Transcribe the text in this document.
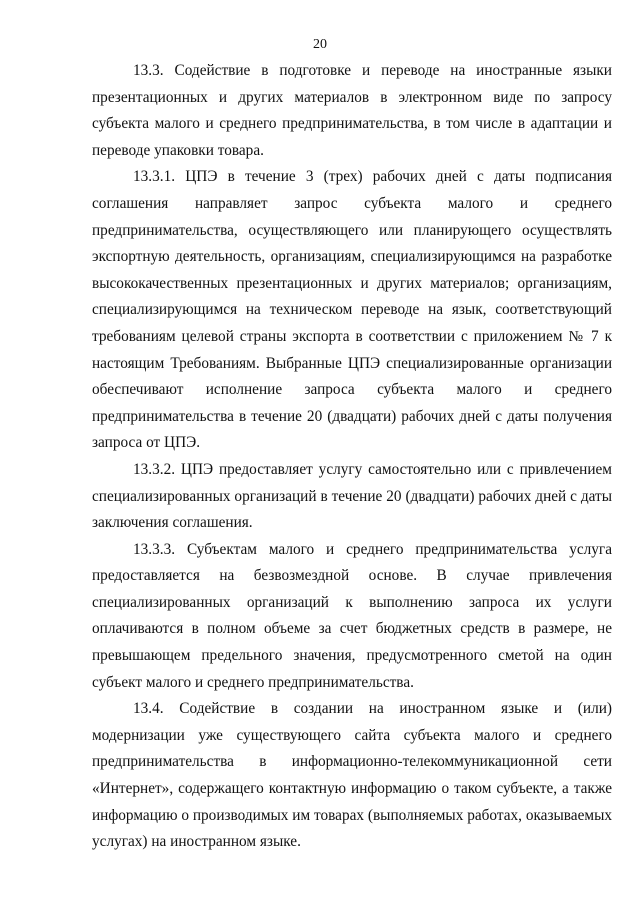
20

13.3. Содействие в подготовке и переводе на иностранные языки презентационных и других материалов в электронном виде по запросу субъекта малого и среднего предпринимательства, в том числе в адаптации и переводе упаковки товара.

13.3.1. ЦПЭ в течение 3 (трех) рабочих дней с даты подписания соглашения направляет запрос субъекта малого и среднего предпринимательства, осуществляющего или планирующего осуществлять экспортную деятельность, организациям, специализирующимся на разработке высококачественных презентационных и других материалов; организациям, специализирующимся на техническом переводе на язык, соответствующий требованиям целевой страны экспорта в соответствии с приложением № 7 к настоящим Требованиям. Выбранные ЦПЭ специализированные организации обеспечивают исполнение запроса субъекта малого и среднего предпринимательства в течение 20 (двадцати) рабочих дней с даты получения запроса от ЦПЭ.

13.3.2. ЦПЭ предоставляет услугу самостоятельно или с привлечением специализированных организаций в течение 20 (двадцати) рабочих дней с даты заключения соглашения.

13.3.3. Субъектам малого и среднего предпринимательства услуга предоставляется на безвозмездной основе. В случае привлечения специализированных организаций к выполнению запроса их услуги оплачиваются в полном объеме за счет бюджетных средств в размере, не превышающем предельного значения, предусмотренного сметой на один субъект малого и среднего предпринимательства.

13.4. Содействие в создании на иностранном языке и (или) модернизации уже существующего сайта субъекта малого и среднего предпринимательства в информационно-телекоммуникационной сети «Интернет», содержащего контактную информацию о таком субъекте, а также информацию о производимых им товарах (выполняемых работах, оказываемых услугах) на иностранном языке.
